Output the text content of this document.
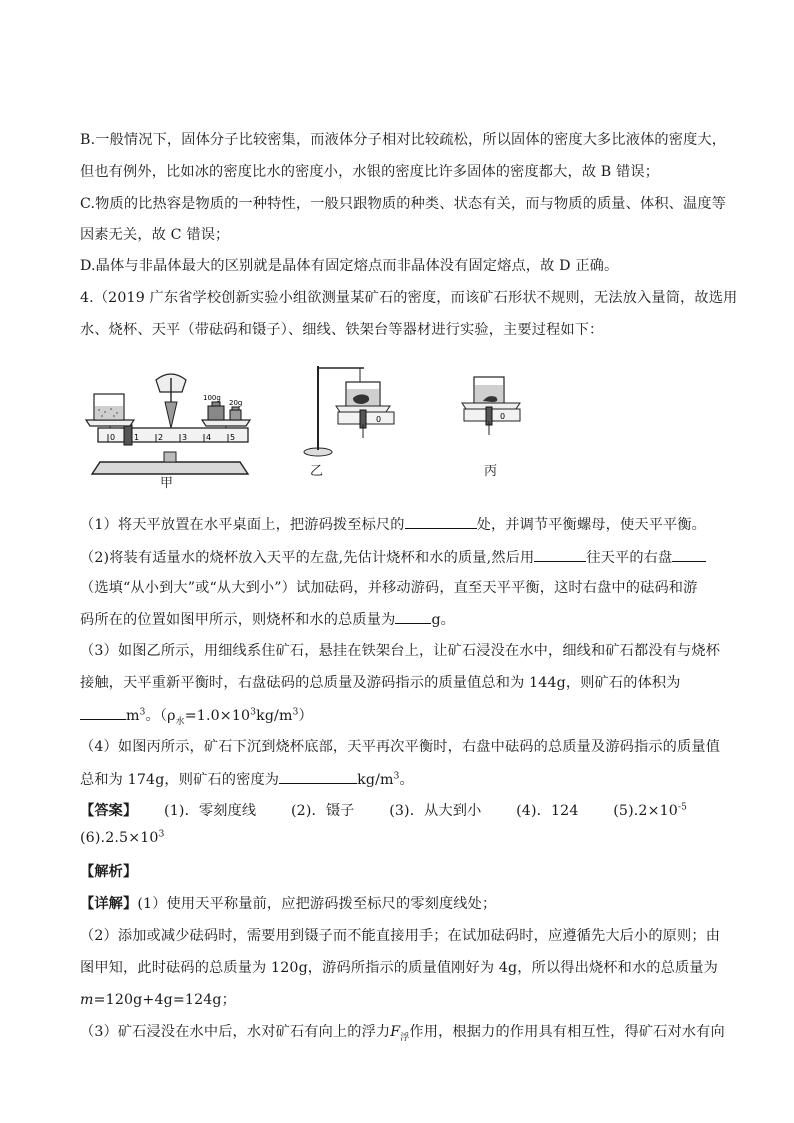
B.一般情况下，固体分子比较密集，而液体分子相对比较疏松，所以固体的密度大多比液体的密度大，
但也有例外，比如冰的密度比水的密度小，水银的密度比许多固体的密度都大，故 B 错误；
C.物质的比热容是物质的一种特性，一般只跟物质的种类、状态有关，而与物质的质量、体积、温度等
因素无关，故 C 错误；
D.晶体与非晶体最大的区别就是晶体有固定熔点而非晶体没有固定熔点，故 D 正确。
4.（2019 广东省学校创新实验小组欲测量某矿石的密度，而该矿石形状不规则，无法放入量筒，故选用
水、烧杯、天平（带砝码和镊子）、细线、铁架台等器材进行实验，主要过程如下：
0 1 2 3 4 5
100g
20g
甲
0
乙
0
丙
（1）将天平放置在水平桌面上，把游码拨至标尺的	处，并调节平衡螺母，使天平平衡。
（2)将装有适量水的烧杯放入天平的左盘,先估计烧杯和水的质量,然后用	往天平的右盘
（选填“从小到大”或“从大到小”）试加砝码，并移动游码，直至天平平衡，这时右盘中的砝码和游
码所在的位置如图甲所示，则烧杯和水的总质量为	g。
（3）如图乙所示，用细线系住矿石，悬挂在铁架台上，让矿石浸没在水中，细线和矿石都没有与烧杯
接触，天平重新平衡时，右盘砝码的总质量及游码指示的质量值总和为 144g，则矿石的体积为
$m^3$。$(\rho_水=1.0\times 10^3kg/m^3)$
（4）如图丙所示，矿石下沉到烧杯底部，天平再次平衡时，右盘中砝码的总质量及游码指示的质量值
总和为 174g，则矿石的密度为	$kg/m^3$。
【答案】 (1)．零刻度线 (2)．镊子 (3)．从大到小 (4)．124 $(5).2\times 10^{-5}$
$(6).2.5\times 10^3$
【解析】
【详解】(1）使用天平称量前，应把游码拨至标尺的零刻度线处；
（2）添加或减少砝码时，需要用到镊子而不能直接用手；在试加砝码时，应遵循先大后小的原则；由
图甲知，此时砝码的总质量为 120g，游码所指示的质量值刚好为 4g，所以得出烧杯和水的总质量为
m=120g+4g=124g；
（3）矿石浸没在水中后，水对矿石有向上的浮力$F_浮$作用，根据力的作用具有相互性，得矿石对水有向
